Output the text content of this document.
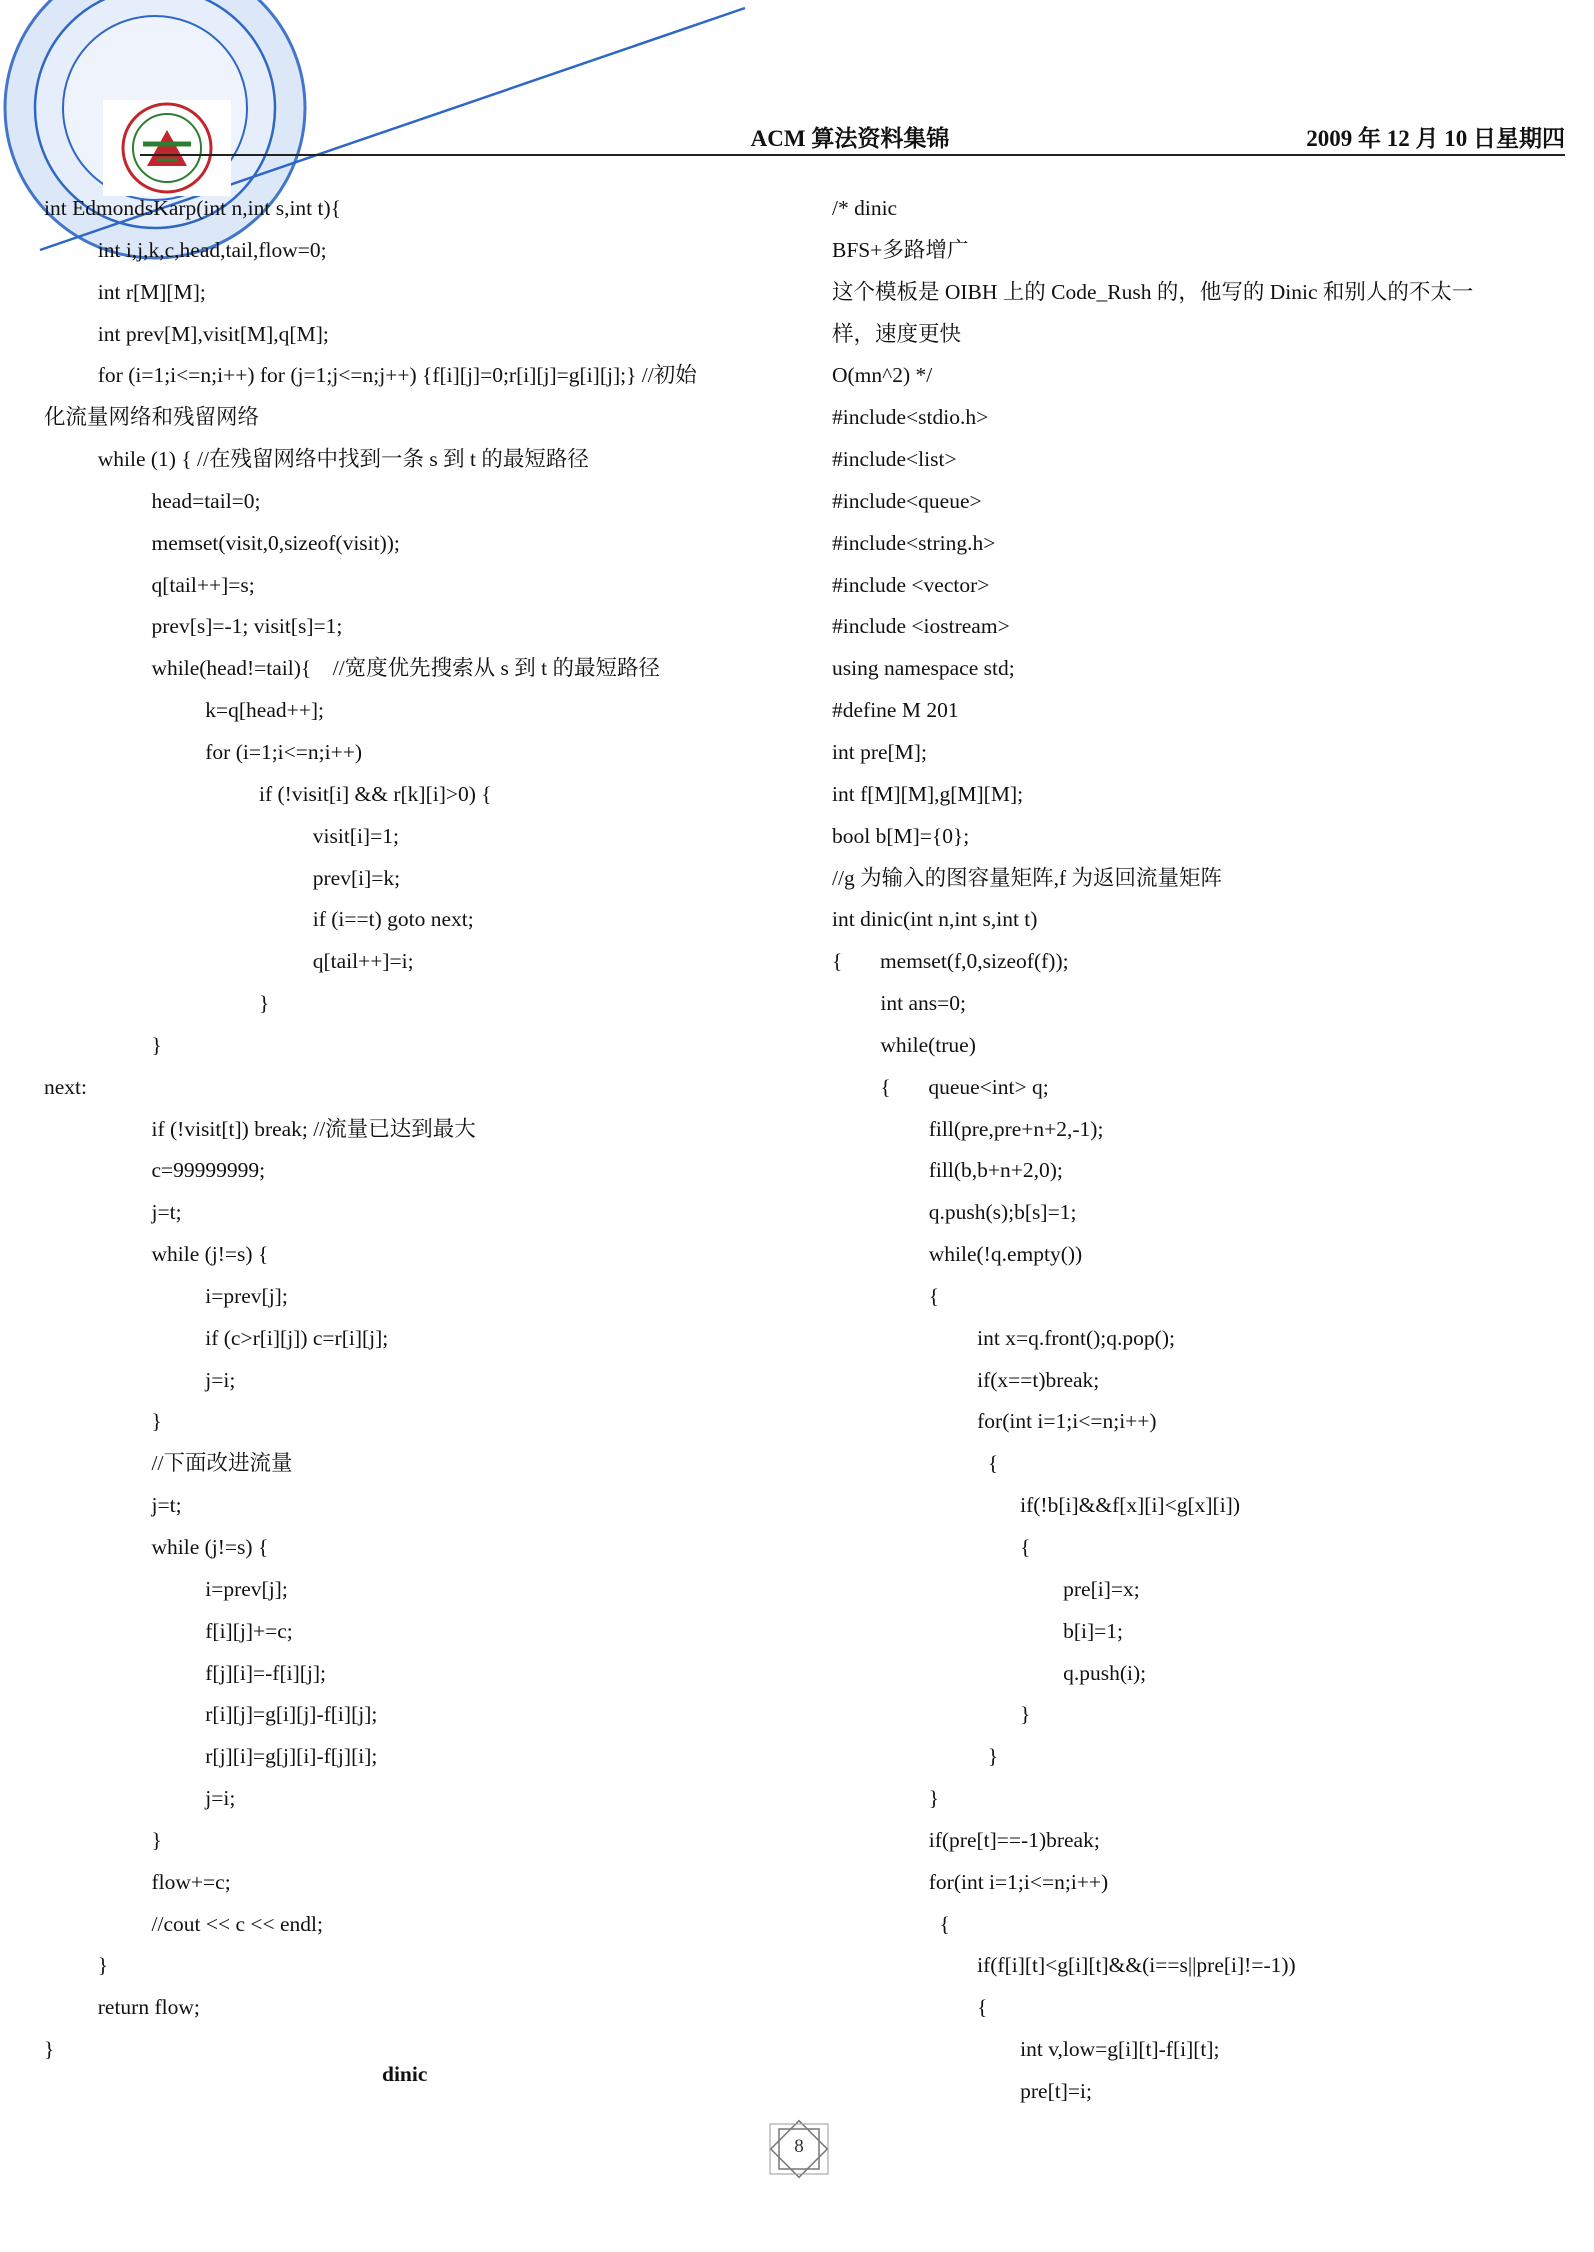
ACM 算法资料集锦	2009 年 12 月 10 日星期四
int EdmondsKarp(int n,int s,int t){
int i,j,k,c,head,tail,flow=0;
int r[M][M];
int prev[M],visit[M],q[M];
for (i=1;i<=n;i++) for (j=1;j<=n;j++) {f[i][j]=0;r[i][j]=g[i][j];} //初始
化流量网络和残留网络
while (1) { //在残留网络中找到一条 s 到 t 的最短路径
head=tail=0;
memset(visit,0,sizeof(visit));
q[tail++]=s;
prev[s]=-1; visit[s]=1;
while(head!=tail){    //宽度优先搜索从 s 到 t 的最短路径
k=q[head++];
for (i=1;i<=n;i++)
if (!visit[i] && r[k][i]>0) {
visit[i]=1;
prev[i]=k;
if (i==t) goto next;
q[tail++]=i;
}
}
next:
if (!visit[t]) break; //流量已达到最大
c=99999999;
j=t;
while (j!=s) {
i=prev[j];
if (c>r[i][j]) c=r[i][j];
j=i;
}
//下面改进流量
j=t;
while (j!=s) {
i=prev[j];
f[i][j]+=c;
f[j][i]=-f[i][j];
r[i][j]=g[i][j]-f[i][j];
r[j][i]=g[j][i]-f[j][i];
j=i;
}
flow+=c;
//cout << c << endl;
}
return flow;
}
/* dinic
BFS+多路增广
这个模板是 OIBH 上的 Code_Rush 的，他写的 Dinic 和别人的不太一
样，速度更快
O(mn^2) */
#include<stdio.h>
#include<list>
#include<queue>
#include<string.h>
#include <vector>
#include <iostream>
using namespace std;
#define M 201
int pre[M];
int f[M][M],g[M][M];
bool b[M]={0};
//g 为输入的图容量矩阵,f 为返回流量矩阵
int dinic(int n,int s,int t)
{       memset(f,0,sizeof(f));
int ans=0;
while(true)
{       queue<int> q;
fill(pre,pre+n+2,-1);
fill(b,b+n+2,0);
q.push(s);b[s]=1;
while(!q.empty())
{
int x=q.front();q.pop();
if(x==t)break;
for(int i=1;i<=n;i++)
{
if(!b[i]&&f[x][i]<g[x][i])
{
pre[i]=x;
b[i]=1;
q.push(i);
}
}
}
if(pre[t]==-1)break;
for(int i=1;i<=n;i++)
{
if(f[i][t]<g[i][t]&&(i==s||pre[i]!=-1))
{
int v,low=g[i][t]-f[i][t];
pre[t]=i;
dinic
8
